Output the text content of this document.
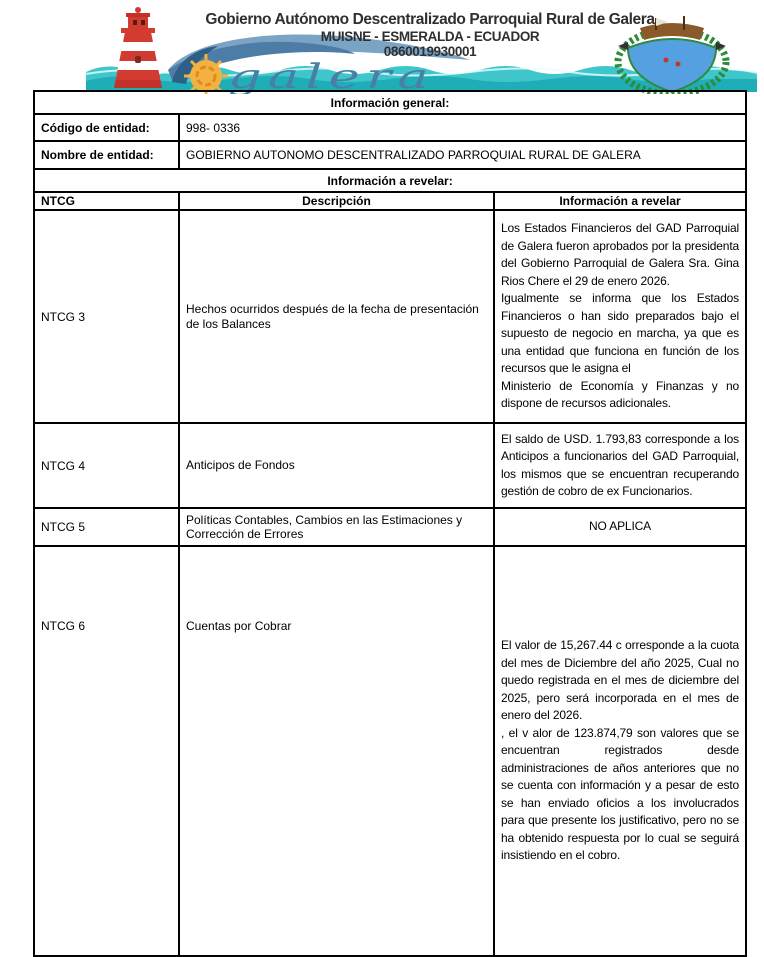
galera
Gobierno Autónomo Descentralizado Parroquial Rural de Galera
MUISNE - ESMERALDA - ECUADOR
0860019930001
Información general:		
Código de entidad:	998- 0336	
Nombre de entidad:	GOBIERNO AUTONOMO DESCENTRALIZADO PARROQUIAL RURAL DE GALERA	
Información a revelar:		
NTCG	Descripción	Información a revelar
NTCG 3	Hechos ocurridos después de la fecha de presentación de los Balances	Los Estados Financieros del GAD Parroquial de Galera fueron aprobados por la presidenta del Gobierno Parroquial de Galera Sra. Gina Rios Chere el 29 de enero 2026.

Igualmente se informa que los Estados Financieros o han sido preparados bajo el supuesto de negocio en marcha, ya que es una entidad que funciona en función de los recursos que le asigna el

Ministerio de Economía y Finanzas y no dispone de recursos adicionales.

NTCG 4	Anticipos de Fondos	El saldo de USD. 1.793,83 corresponde a los Anticipos a funcionarios del GAD Parroquial, los mismos que se encuentran recuperando gestión de cobro de ex Funcionarios.

NTCG 5	Políticas Contables, Cambios en las Estimaciones y Corrección de Errores	NO APLICA

NTCG 6	Cuentas por Cobrar	El valor de 15,267.44 c orresponde a la cuota del mes de Diciembre del año 2025, Cual no quedo registrada en el mes de diciembre del 2025, pero será incorporada en el mes de enero del 2026.

, el v alor de 123.874,79 son valores que se encuentran registrados desde administraciones de años anteriores que no se cuenta con información y a pesar de esto se han enviado oficios a los involucrados para que presente los justificativo, pero no se ha obtenido respuesta por lo cual se seguirá insistiendo en el cobro.
